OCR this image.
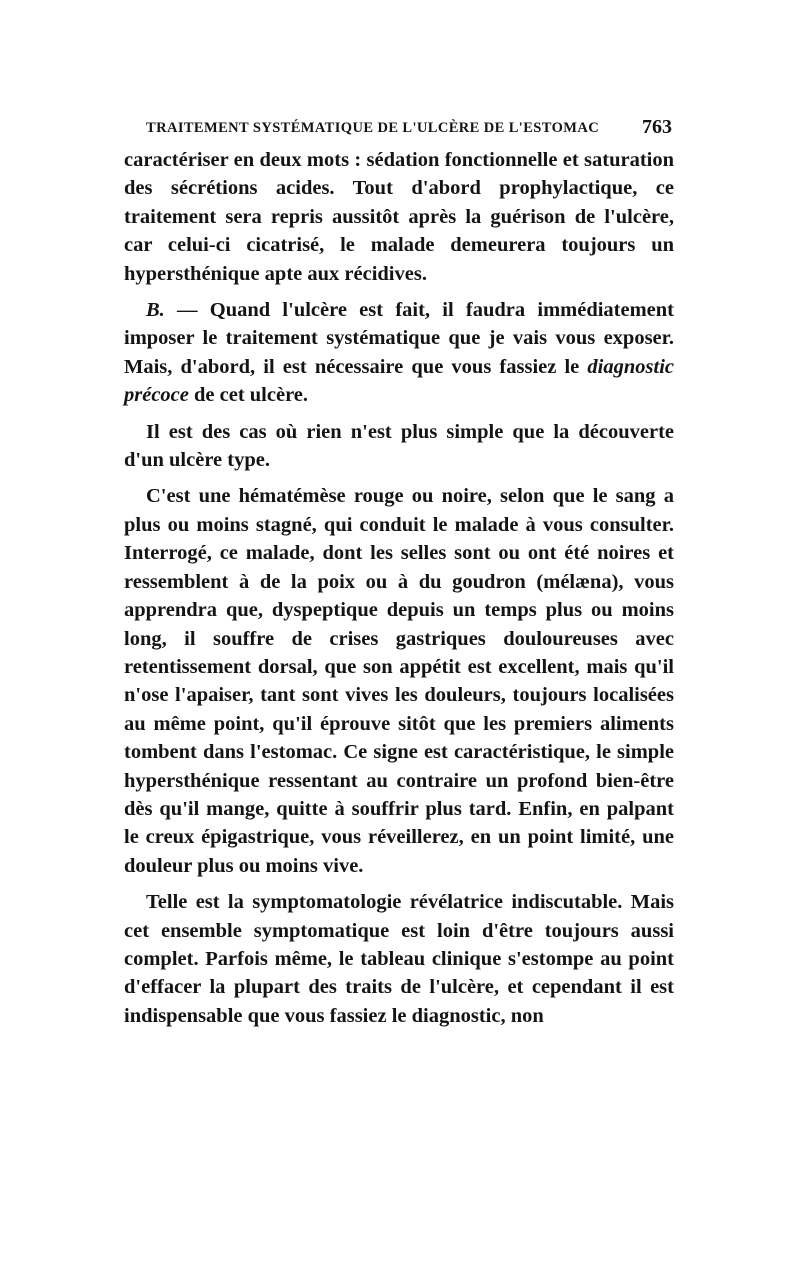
TRAITEMENT SYSTÉMATIQUE DE L'ULCÈRE DE L'ESTOMAC 763

caractériser en deux mots : sédation fonctionnelle et saturation des sécrétions acides. Tout d'abord prophylactique, ce traitement sera repris aussitôt après la guérison de l'ulcère, car celui-ci cicatrisé, le malade demeurera toujours un hypersthénique apte aux récidives.

B. — Quand l'ulcère est fait, il faudra immédiatement imposer le traitement systématique que je vais vous exposer. Mais, d'abord, il est nécessaire que vous fassiez le diagnostic précoce de cet ulcère.

Il est des cas où rien n'est plus simple que la découverte d'un ulcère type.

C'est une hématémèse rouge ou noire, selon que le sang a plus ou moins stagné, qui conduit le malade à vous consulter. Interrogé, ce malade, dont les selles sont ou ont été noires et ressemblent à de la poix ou à du goudron (mélæna), vous apprendra que, dyspeptique depuis un temps plus ou moins long, il souffre de crises gastriques douloureuses avec retentissement dorsal, que son appétit est excellent, mais qu'il n'ose l'apaiser, tant sont vives les douleurs, toujours localisées au même point, qu'il éprouve sitôt que les premiers aliments tombent dans l'estomac. Ce signe est caractéristique, le simple hypersthénique ressentant au contraire un profond bien-être dès qu'il mange, quitte à souffrir plus tard. Enfin, en palpant le creux épigastrique, vous réveillerez, en un point limité, une douleur plus ou moins vive.

Telle est la symptomatologie révélatrice indiscutable. Mais cet ensemble symptomatique est loin d'être toujours aussi complet. Parfois même, le tableau clinique s'estompe au point d'effacer la plupart des traits de l'ulcère, et cependant il est indispensable que vous fassiez le diagnostic, non
